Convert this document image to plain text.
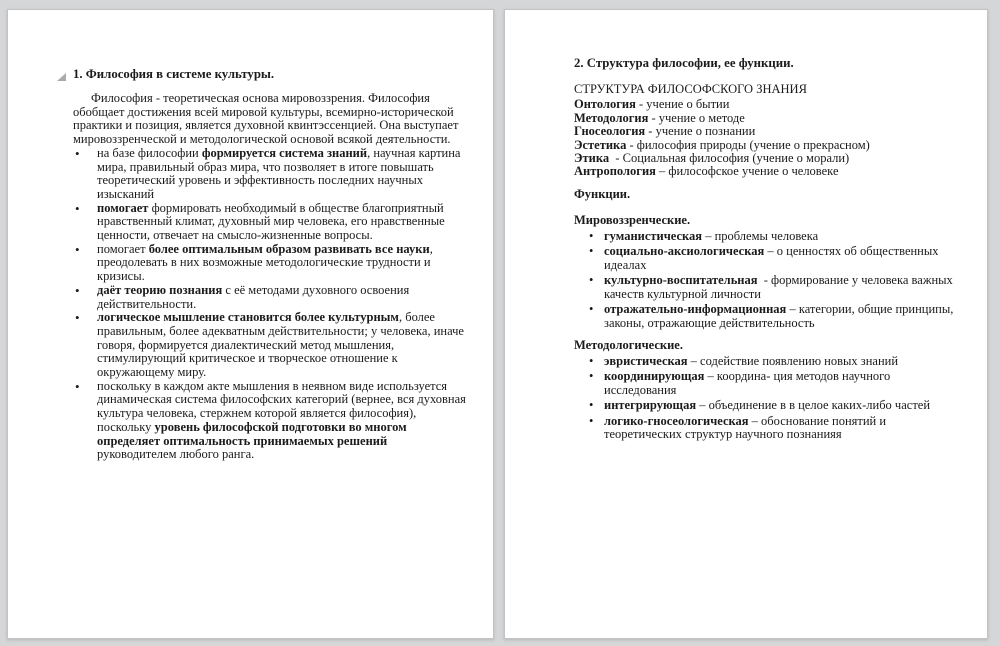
1. Философия в системе культуры.

Философия - теоретическая основа мировоззрения. Философия обобщает достижения всей мировой культуры, всемирно-исторической практики и позиция, является духовной квинтэссенцией. Она выступает мировоззренческой и методологической основой всякой деятельности.

• на базе философии формируется система знаний, научная картина мира, правильный образ мира, что позволяет в итоге повышать теоретический уровень и эффективность последних научных изысканий
• помогает формировать необходимый в обществе благоприятный нравственный климат, духовный мир человека, его нравственные ценности, отвечает на смысло-жизненные вопросы.
• помогает более оптимальным образом развивать все науки, преодолевать в них возможные методологические трудности и кризисы.
• даёт теорию познания с её методами духовного освоения действительности.
• логическое мышление становится более культурным, более правильным, более адекватным действительности; у человека, иначе говоря, формируется диалектический метод мышления, стимулирующий критическое и творческое отношение к окружающему миру.
• поскольку в каждом акте мышления в неявном виде используется динамическая система философских категорий (вернее, вся духовная культура человека, стержнем которой является философия), поскольку уровень философской подготовки во многом определяет оптимальность принимаемых решений руководителем любого ранга.
2. Структура философии, ее функции.
СТРУКТУРА ФИЛОСОФСКОГО ЗНАНИЯ
Онтология - учение о бытии
Методология - учение о методе
Гносеология - учение о познании
Эстетика - философия природы (учение о прекрасном)
Этика  - Социальная философия (учение о морали)
Антропология – философское учение о человеке
Функции.
Мировоззренческие.
• гуманистическая – проблемы человека
• социально-аксиологическая – о ценностях об общественных идеалах
• культурно-воспитательная  - формирование у человека важных качеств культурной личности
• отражательно-информационная – категории, общие принципы, законы, отражающие действительность
Методологические.
• эвристическая – содействие появлению новых знаний
• координирующая – координа- ция методов научного исследования
• интегрирующая – объединение в в целое каких-либо частей
• логико-гносеологическая – обоснование понятий и теоретических структур научного познанияя
